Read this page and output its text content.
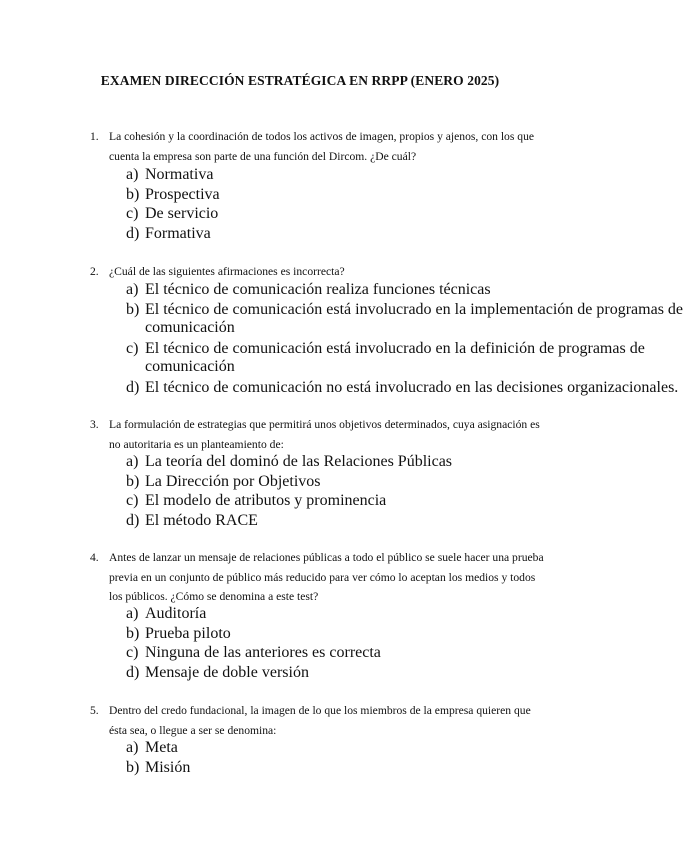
EXAMEN DIRECCIÓN ESTRATÉGICA EN RRPP (ENERO 2025)
1. La cohesión y la coordinación de todos los activos de imagen, propios y ajenos, con los que
cuenta la empresa son parte de una función del Dircom. ¿De cuál?
a) Normativa
b) Prospectiva
c) De servicio
d) Formativa
2. ¿Cuál de las siguientes afirmaciones es incorrecta?
a) El técnico de comunicación realiza funciones técnicas
b) El técnico de comunicación está involucrado en la implementación de programas de
comunicación
c) El técnico de comunicación está involucrado en la definición de programas de
comunicación
d) El técnico de comunicación no está involucrado en las decisiones organizacionales.
3. La formulación de estrategias que permitirá unos objetivos determinados, cuya asignación es
no autoritaria es un planteamiento de:
a) La teoría del dominó de las Relaciones Públicas
b) La Dirección por Objetivos
c) El modelo de atributos y prominencia
d) El método RACE
4. Antes de lanzar un mensaje de relaciones públicas a todo el público se suele hacer una prueba
previa en un conjunto de público más reducido para ver cómo lo aceptan los medios y todos
los públicos. ¿Cómo se denomina a este test?
a) Auditoría
b) Prueba piloto
c) Ninguna de las anteriores es correcta
d) Mensaje de doble versión
5. Dentro del credo fundacional, la imagen de lo que los miembros de la empresa quieren que
ésta sea, o llegue a ser se denomina:
a) Meta
b) Misión
